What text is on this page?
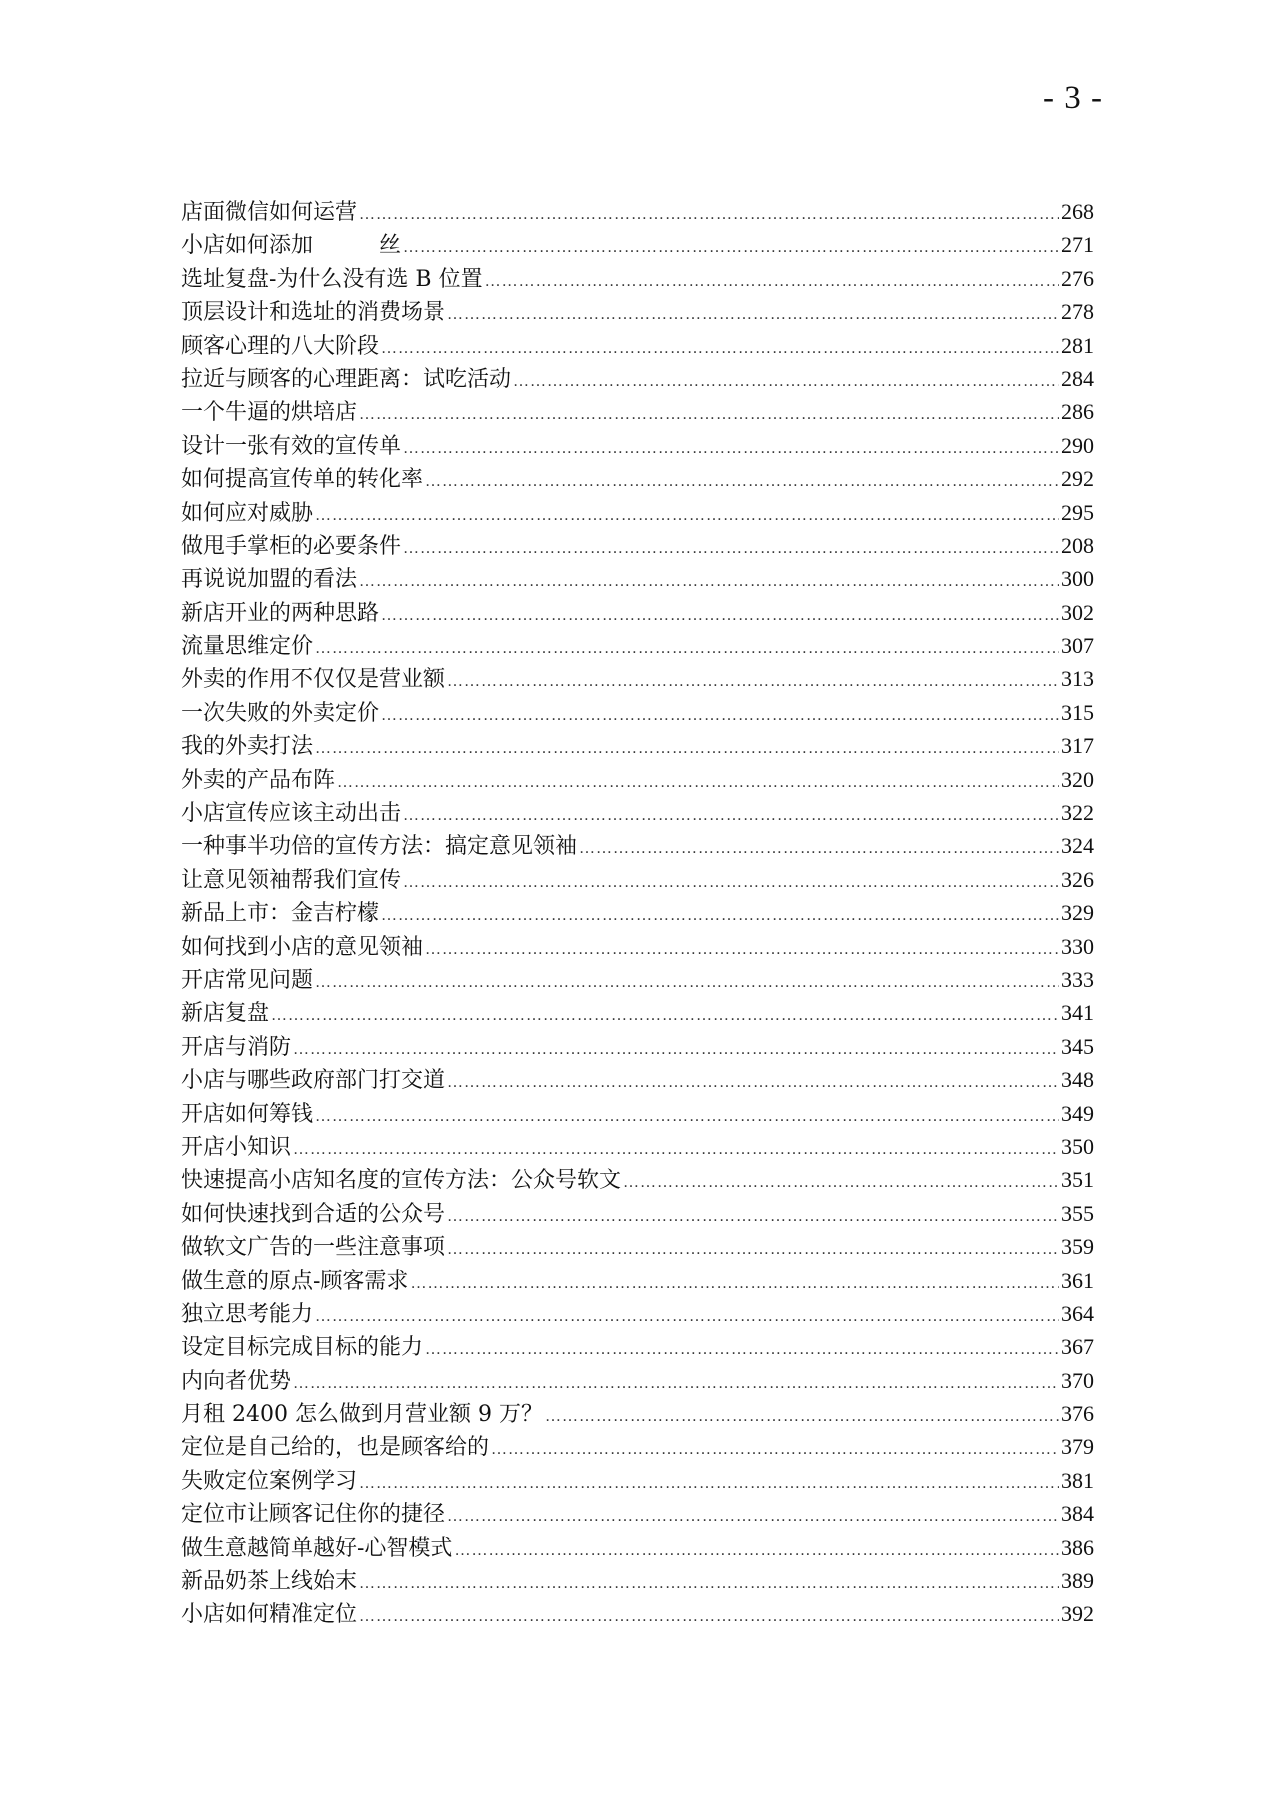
- 3 -
店面微信如何运营 ……………………………………………………………………………………………………………………………………………………………………………………………………………	268
小店如何添加　　　丝 ……………………………………………………………………………………………………………………………………………………………………………………………………………	271
选址复盘-为什么没有选 B 位置 ……………………………………………………………………………………………………………………………………………………………………………………………………………	276
顶层设计和选址的消费场景 ……………………………………………………………………………………………………………………………………………………………………………………………………………	278
顾客心理的八大阶段 ……………………………………………………………………………………………………………………………………………………………………………………………………………	281
拉近与顾客的心理距离：试吃活动 ……………………………………………………………………………………………………………………………………………………………………………………………………………	284
一个牛逼的烘培店 ……………………………………………………………………………………………………………………………………………………………………………………………………………	286
设计一张有效的宣传单 ……………………………………………………………………………………………………………………………………………………………………………………………………………	290
如何提高宣传单的转化率 ……………………………………………………………………………………………………………………………………………………………………………………………………………	292
如何应对威胁 ……………………………………………………………………………………………………………………………………………………………………………………………………………	295
做甩手掌柜的必要条件 ……………………………………………………………………………………………………………………………………………………………………………………………………………	208
再说说加盟的看法 ……………………………………………………………………………………………………………………………………………………………………………………………………………	300
新店开业的两种思路 ……………………………………………………………………………………………………………………………………………………………………………………………………………	302
流量思维定价 ……………………………………………………………………………………………………………………………………………………………………………………………………………	307
外卖的作用不仅仅是营业额 ……………………………………………………………………………………………………………………………………………………………………………………………………………	313
一次失败的外卖定价 ……………………………………………………………………………………………………………………………………………………………………………………………………………	315
我的外卖打法 ……………………………………………………………………………………………………………………………………………………………………………………………………………	317
外卖的产品布阵 ……………………………………………………………………………………………………………………………………………………………………………………………………………	320
小店宣传应该主动出击 ……………………………………………………………………………………………………………………………………………………………………………………………………………	322
一种事半功倍的宣传方法：搞定意见领袖 ……………………………………………………………………………………………………………………………………………………………………………………………………………	324
让意见领袖帮我们宣传 ……………………………………………………………………………………………………………………………………………………………………………………………………………	326
新品上市：金吉柠檬 ……………………………………………………………………………………………………………………………………………………………………………………………………………	329
如何找到小店的意见领袖 ……………………………………………………………………………………………………………………………………………………………………………………………………………	330
开店常见问题 ……………………………………………………………………………………………………………………………………………………………………………………………………………	333
新店复盘 ……………………………………………………………………………………………………………………………………………………………………………………………………………	341
开店与消防 ……………………………………………………………………………………………………………………………………………………………………………………………………………	345
小店与哪些政府部门打交道 ……………………………………………………………………………………………………………………………………………………………………………………………………………	348
开店如何筹钱 ……………………………………………………………………………………………………………………………………………………………………………………………………………	349
开店小知识 ……………………………………………………………………………………………………………………………………………………………………………………………………………	350
快速提高小店知名度的宣传方法：公众号软文 ……………………………………………………………………………………………………………………………………………………………………………………………………………	351
如何快速找到合适的公众号 ……………………………………………………………………………………………………………………………………………………………………………………………………………	355
做软文广告的一些注意事项 ……………………………………………………………………………………………………………………………………………………………………………………………………………	359
做生意的原点-顾客需求 ……………………………………………………………………………………………………………………………………………………………………………………………………………	361
独立思考能力 ……………………………………………………………………………………………………………………………………………………………………………………………………………	364
设定目标完成目标的能力 ……………………………………………………………………………………………………………………………………………………………………………………………………………	367
内向者优势 ……………………………………………………………………………………………………………………………………………………………………………………………………………	370
月租 2400 怎么做到月营业额 9 万？ ……………………………………………………………………………………………………………………………………………………………………………………………………………	376
定位是自己给的，也是顾客给的 ……………………………………………………………………………………………………………………………………………………………………………………………………………	379
失败定位案例学习 ……………………………………………………………………………………………………………………………………………………………………………………………………………	381
定位市让顾客记住你的捷径 ……………………………………………………………………………………………………………………………………………………………………………………………………………	384
做生意越简单越好-心智模式 ……………………………………………………………………………………………………………………………………………………………………………………………………………	386
新品奶茶上线始末 ……………………………………………………………………………………………………………………………………………………………………………………………………………	389
小店如何精准定位 ……………………………………………………………………………………………………………………………………………………………………………………………………………	392
